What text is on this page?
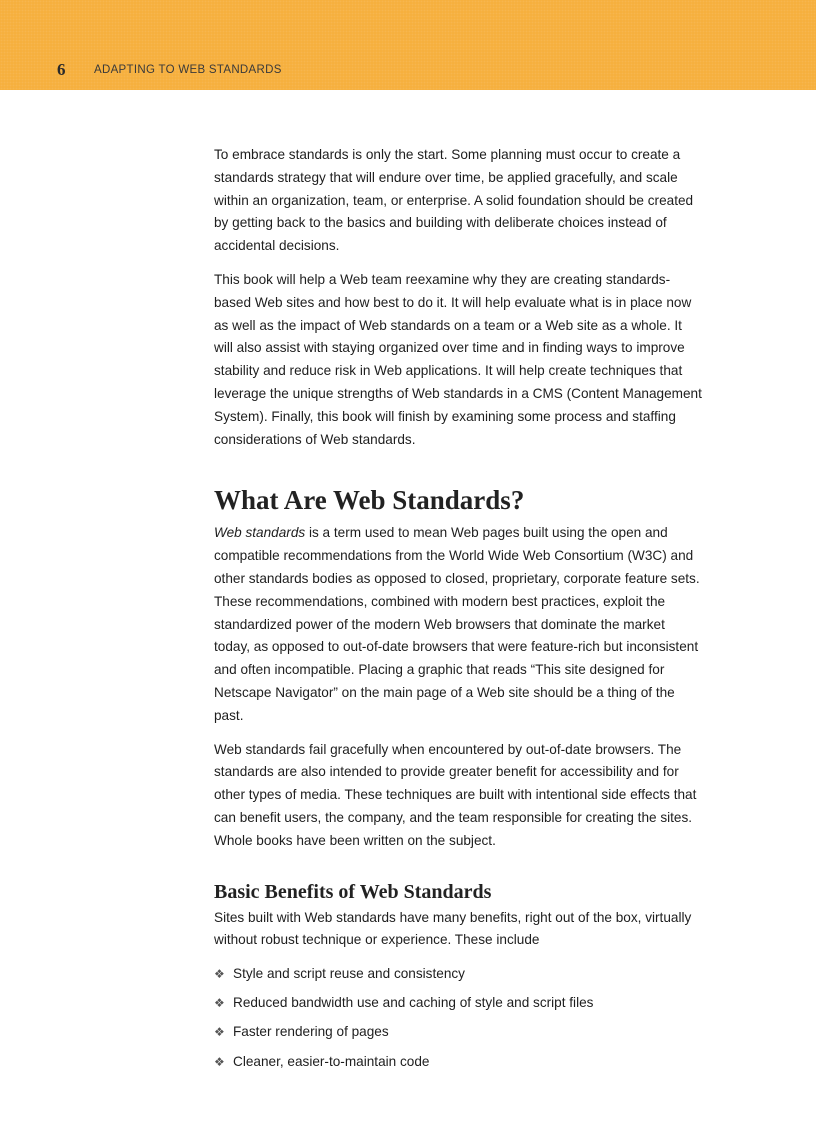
6 ADAPTING TO WEB STANDARDS

To embrace standards is only the start. Some planning must occur to create a standards strategy that will endure over time, be applied gracefully, and scale within an organization, team, or enterprise. A solid foundation should be created by getting back to the basics and building with deliberate choices instead of accidental decisions.

This book will help a Web team reexamine why they are creating standards-based Web sites and how best to do it. It will help evaluate what is in place now as well as the impact of Web standards on a team or a Web site as a whole. It will also assist with staying organized over time and in finding ways to improve stability and reduce risk in Web applications. It will help create techniques that leverage the unique strengths of Web standards in a CMS (Content Management System). Finally, this book will finish by examining some process and staffing considerations of Web standards.

What Are Web Standards?

Web standards is a term used to mean Web pages built using the open and compatible recommendations from the World Wide Web Consortium (W3C) and other standards bodies as opposed to closed, proprietary, corporate feature sets. These recommendations, combined with modern best practices, exploit the standardized power of the modern Web browsers that dominate the market today, as opposed to out-of-date browsers that were feature-rich but inconsistent and often incompatible. Placing a graphic that reads “This site designed for Netscape Navigator” on the main page of a Web site should be a thing of the past.

Web standards fail gracefully when encountered by out-of-date browsers. The standards are also intended to provide greater benefit for accessibility and for other types of media. These techniques are built with intentional side effects that can benefit users, the company, and the team responsible for creating the sites. Whole books have been written on the subject.

Basic Benefits of Web Standards

Sites built with Web standards have many benefits, right out of the box, virtually without robust technique or experience. These include

❖ Style and script reuse and consistency
❖ Reduced bandwidth use and caching of style and script files
❖ Faster rendering of pages
❖ Cleaner, easier-to-maintain code
